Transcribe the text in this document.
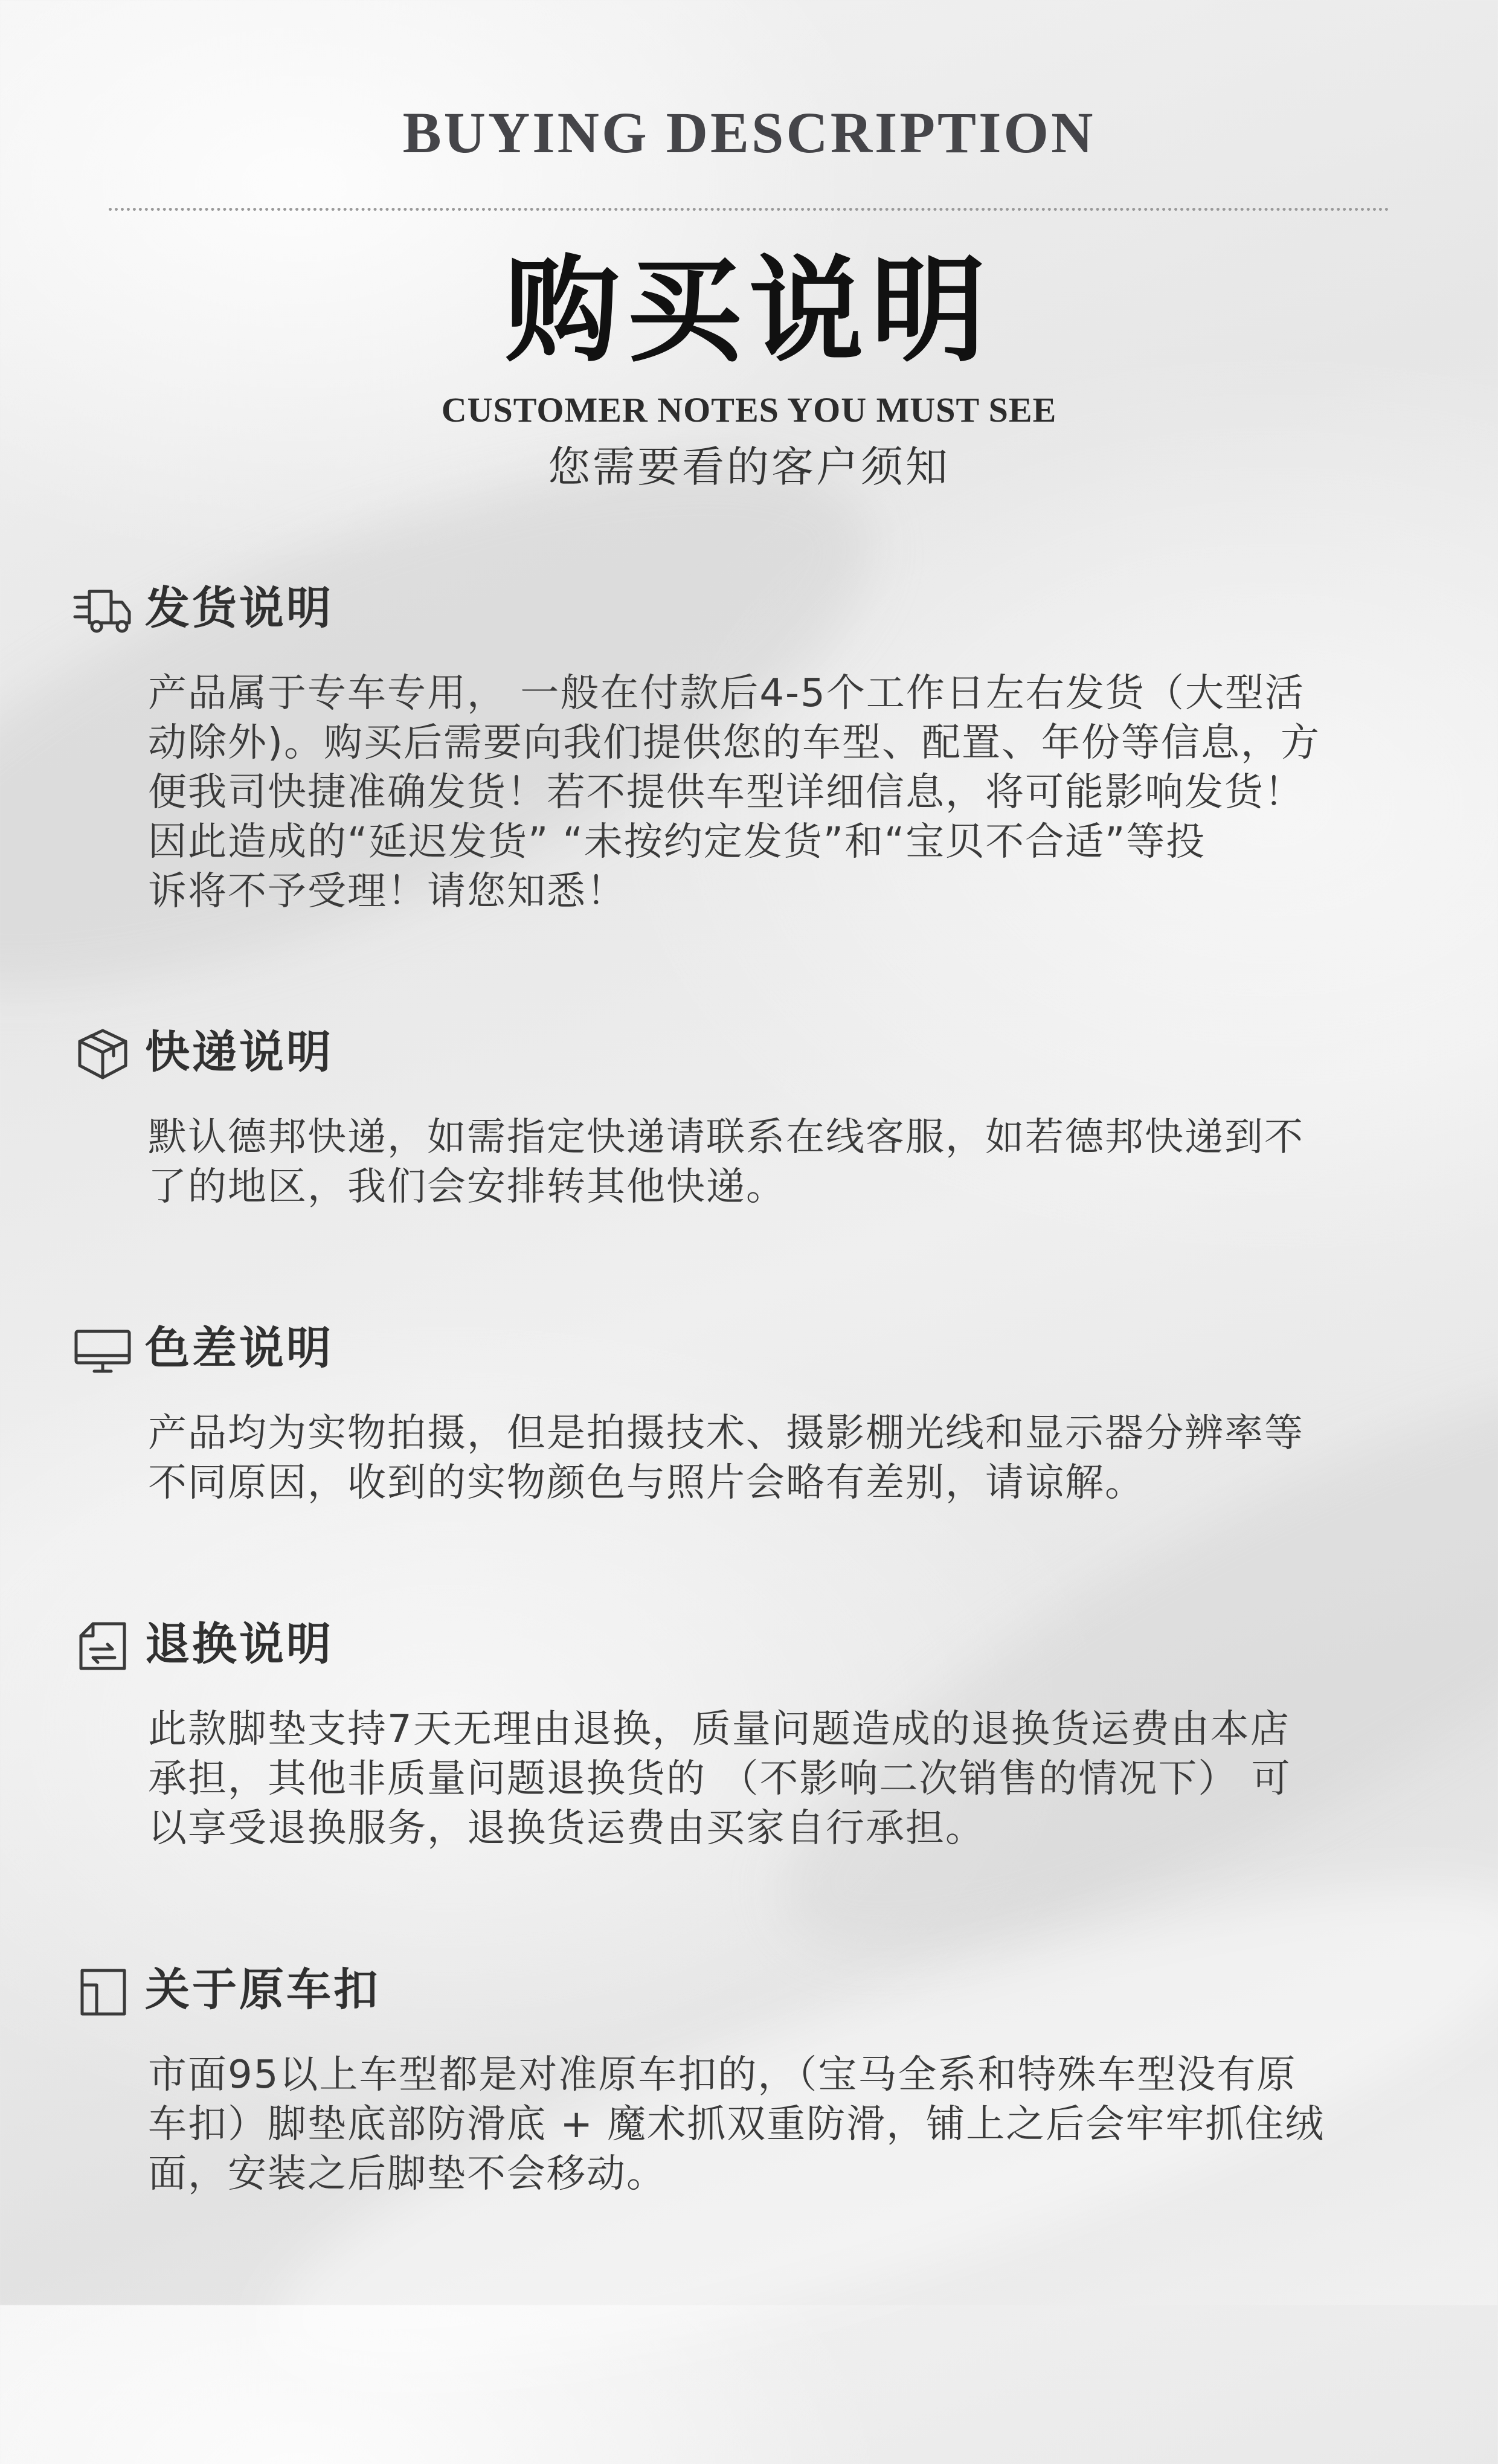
BUYING DESCRIPTION
购买说明
CUSTOMER NOTES YOU MUST SEE
您需要看的客户须知
发货说明
产品属于专车专用， 一般在付款后4-5个工作日左右发货（大型活
动除外)。购买后需要向我们提供您的车型、配置、年份等信息，方
便我司快捷准确发货！若不提供车型详细信息，将可能影响发货！
因此造成的“延迟发货” “未按约定发货”和“宝贝不合适”等投
诉将不予受理！请您知悉！
快递说明
默认德邦快递，如需指定快递请联系在线客服，如若德邦快递到不
了的地区，我们会安排转其他快递。
色差说明
产品均为实物拍摄，但是拍摄技术、摄影棚光线和显示器分辨率等
不同原因，收到的实物颜色与照片会略有差别，请谅解。
退换说明
此款脚垫支持7天无理由退换，质量问题造成的退换货运费由本店
承担，其他非质量问题退换货的 （不影响二次销售的情况下） 可
以享受退换服务，退换货运费由买家自行承担。
关于原车扣
市面95以上车型都是对准原车扣的，（宝马全系和特殊车型没有原
车扣）脚垫底部防滑底 + 魔术抓双重防滑，铺上之后会牢牢抓住绒
面，安装之后脚垫不会移动。
